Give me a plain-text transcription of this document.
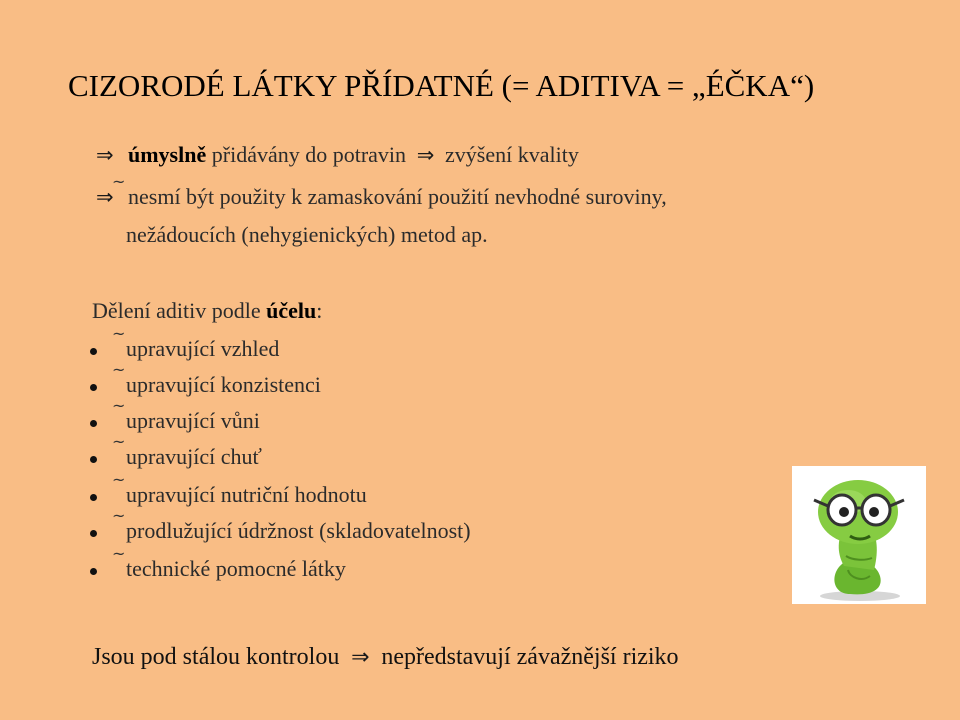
CIZORODÉ LÁTKY PŘÍDATNÉ (= ADITIVA = „ÉČKA“)
⇒ úmyslně přidávány do potravin ⇒ zvýšení kvality
~
⇒ nesmí být použity k zamaskování použití nevhodné suroviny,
nežádoucích (nehygienických) metod ap.
Dělení aditiv podle účelu:
~
upravující vzhled
~
upravující konzistenci
~
upravující vůni
~
upravující chuť
~
upravující nutriční hodnotu
~
prodlužující údržnost (skladovatelnost)
~
technické pomocné látky
Jsou pod stálou kontrolou ⇒ nepředstavují závažnější riziko
